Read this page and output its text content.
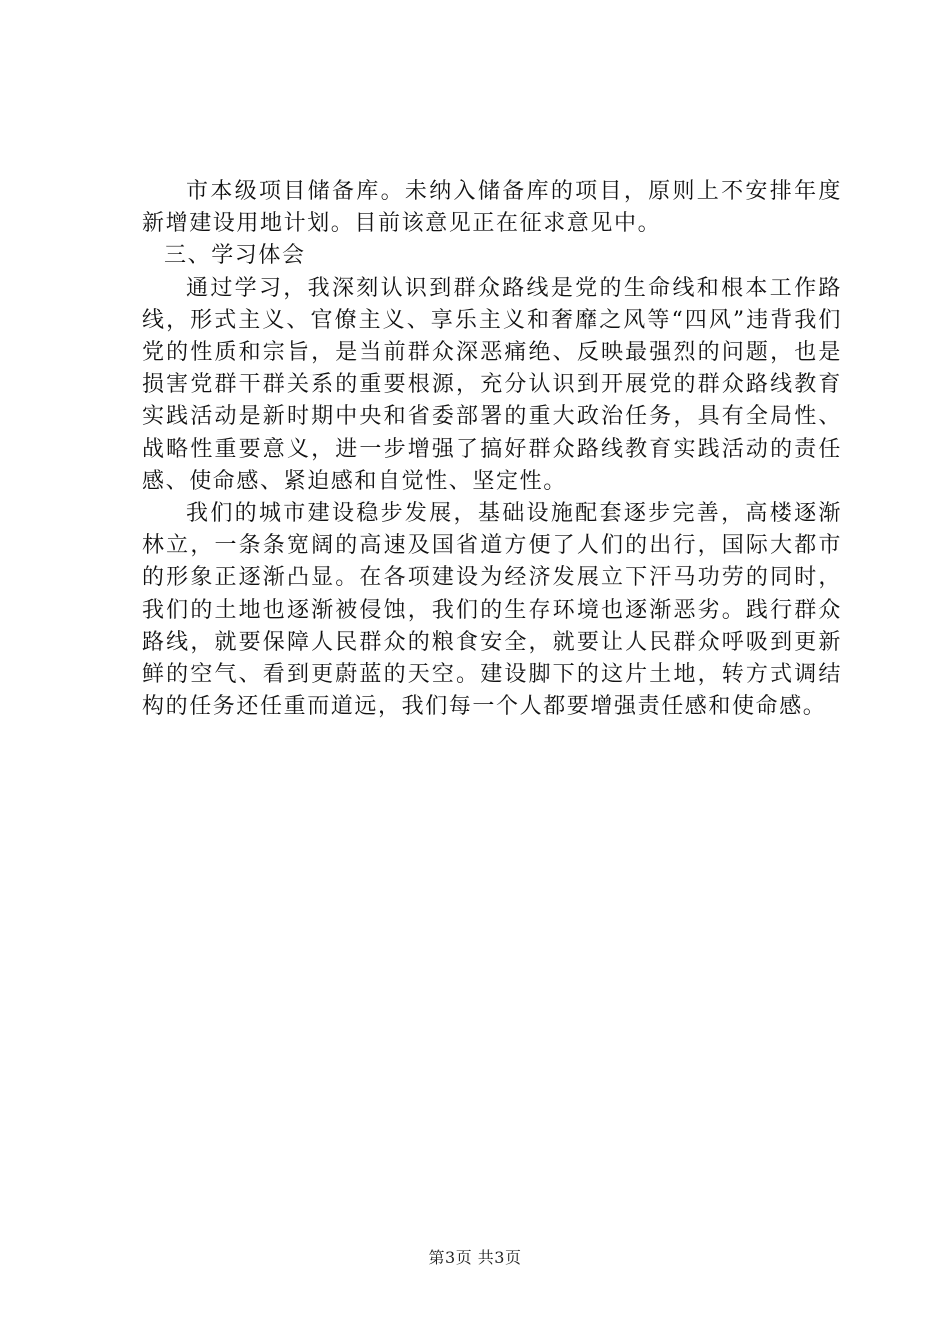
市本级项目储备库。未纳入储备库的项目，原则上不安排年度新增建设用地计划。目前该意见正在征求意见中。

三、学习体会

通过学习，我深刻认识到群众路线是党的生命线和根本工作路线，形式主义、官僚主义、享乐主义和奢靡之风等“四风”违背我们党的性质和宗旨，是当前群众深恶痛绝、反映最强烈的问题，也是损害党群干群关系的重要根源，充分认识到开展党的群众路线教育实践活动是新时期中央和省委部署的重大政治任务，具有全局性、战略性重要意义，进一步增强了搞好群众路线教育实践活动的责任感、使命感、紧迫感和自觉性、坚定性。

我们的城市建设稳步发展，基础设施配套逐步完善，高楼逐渐林立，一条条宽阔的高速及国省道方便了人们的出行，国际大都市的形象正逐渐凸显。在各项建设为经济发展立下汗马功劳的同时，我们的土地也逐渐被侵蚀，我们的生存环境也逐渐恶劣。践行群众路线，就要保障人民群众的粮食安全，就要让人民群众呼吸到更新鲜的空气、看到更蔚蓝的天空。建设脚下的这片土地，转方式调结构的任务还任重而道远，我们每一个人都要增强责任感和使命感。

第3页 共3页
